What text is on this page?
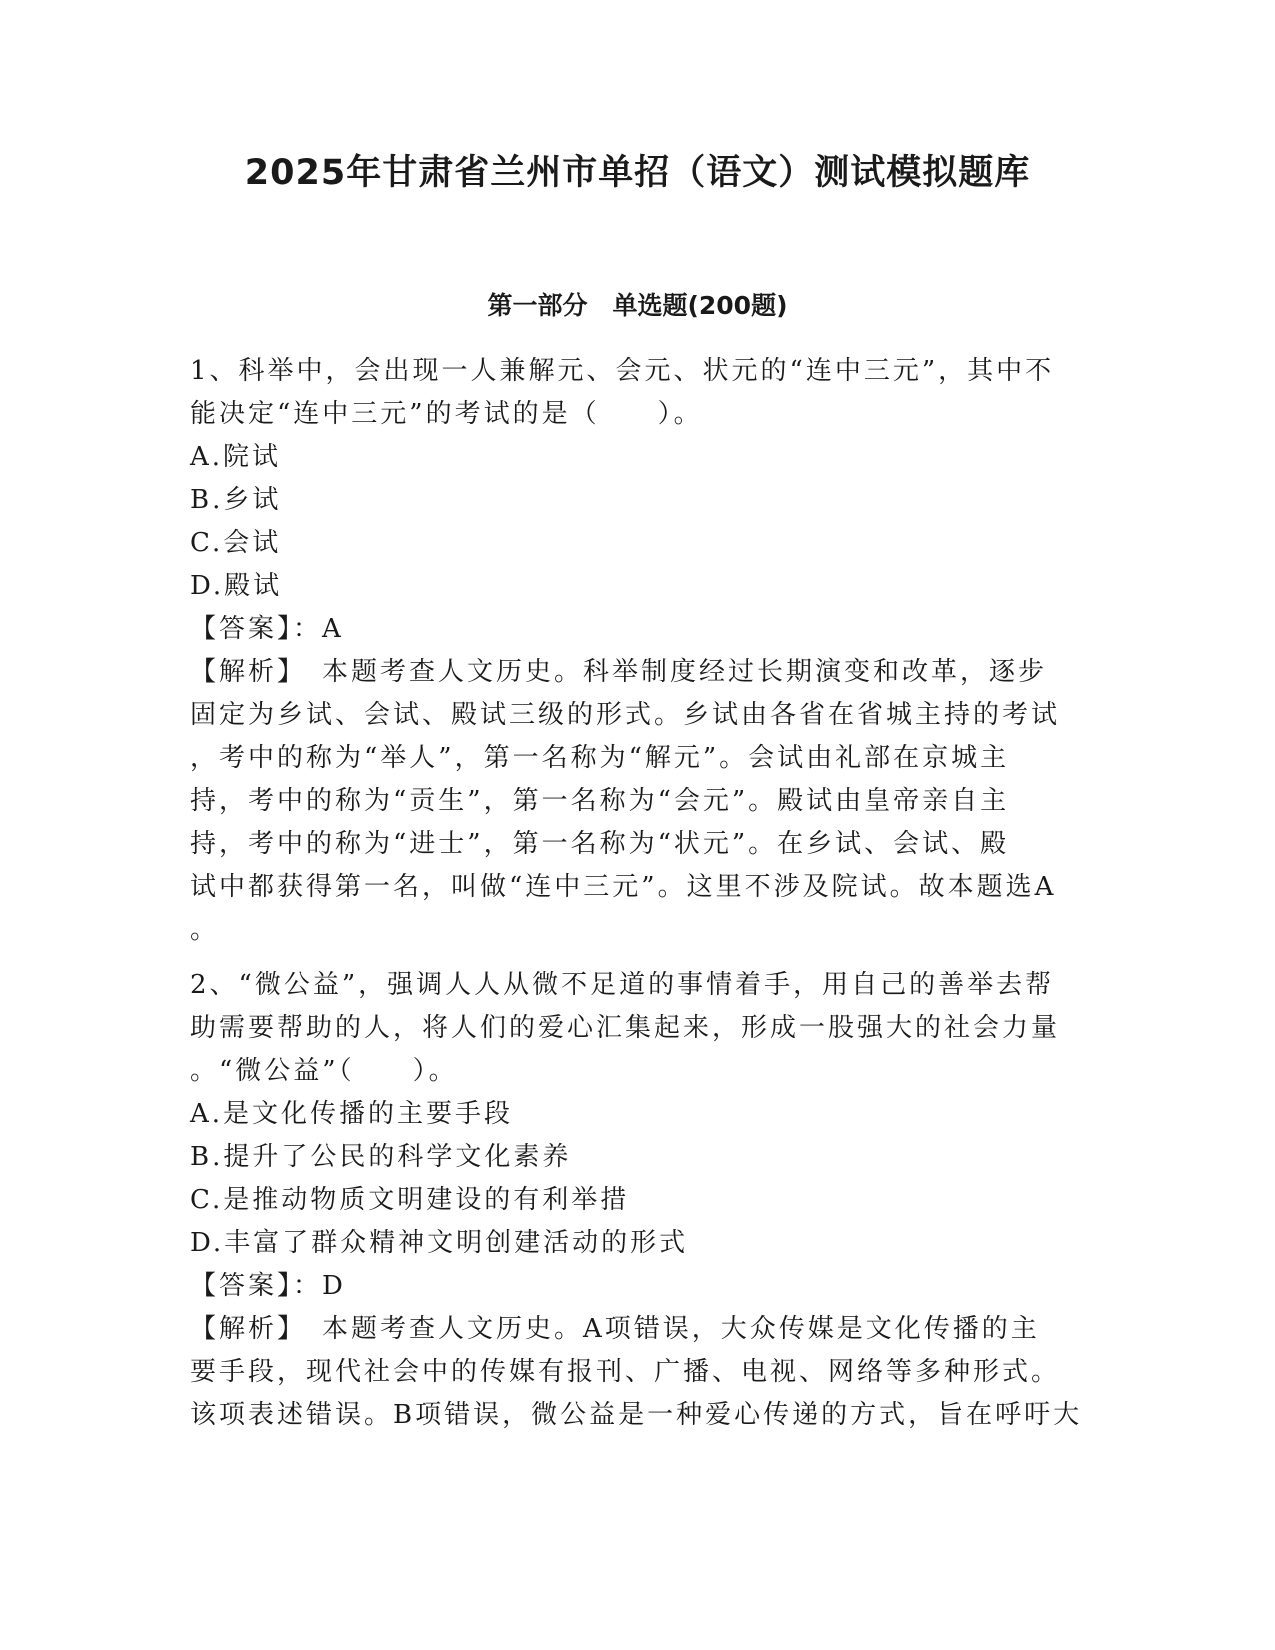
2025年甘肃省兰州市单招（语文）测试模拟题库
第一部分　单选题(200题)
1、科举中，会出现一人兼解元、会元、状元的“连中三元”，其中不
能决定“连中三元”的考试的是（　　）。
A.院试
B.乡试
C.会试
D.殿试
【答案】：A
【解析】　本题考查人文历史。科举制度经过长期演变和改革，逐步
固定为乡试、会试、殿试三级的形式。乡试由各省在省城主持的考试
，考中的称为“举人”，第一名称为“解元”。会试由礼部在京城主
持，考中的称为“贡生”，第一名称为“会元”。殿试由皇帝亲自主
持，考中的称为“进士”，第一名称为“状元”。在乡试、会试、殿
试中都获得第一名，叫做“连中三元”。这里不涉及院试。故本题选A
。
2、“微公益”，强调人人从微不足道的事情着手，用自己的善举去帮
助需要帮助的人，将人们的爱心汇集起来，形成一股强大的社会力量
。“微公益”（　　）。
A.是文化传播的主要手段
B.提升了公民的科学文化素养
C.是推动物质文明建设的有利举措
D.丰富了群众精神文明创建活动的形式
【答案】：D
【解析】　本题考查人文历史。A项错误，大众传媒是文化传播的主
要手段，现代社会中的传媒有报刊、广播、电视、网络等多种形式。
该项表述错误。B项错误，微公益是一种爱心传递的方式，旨在呼吁大
